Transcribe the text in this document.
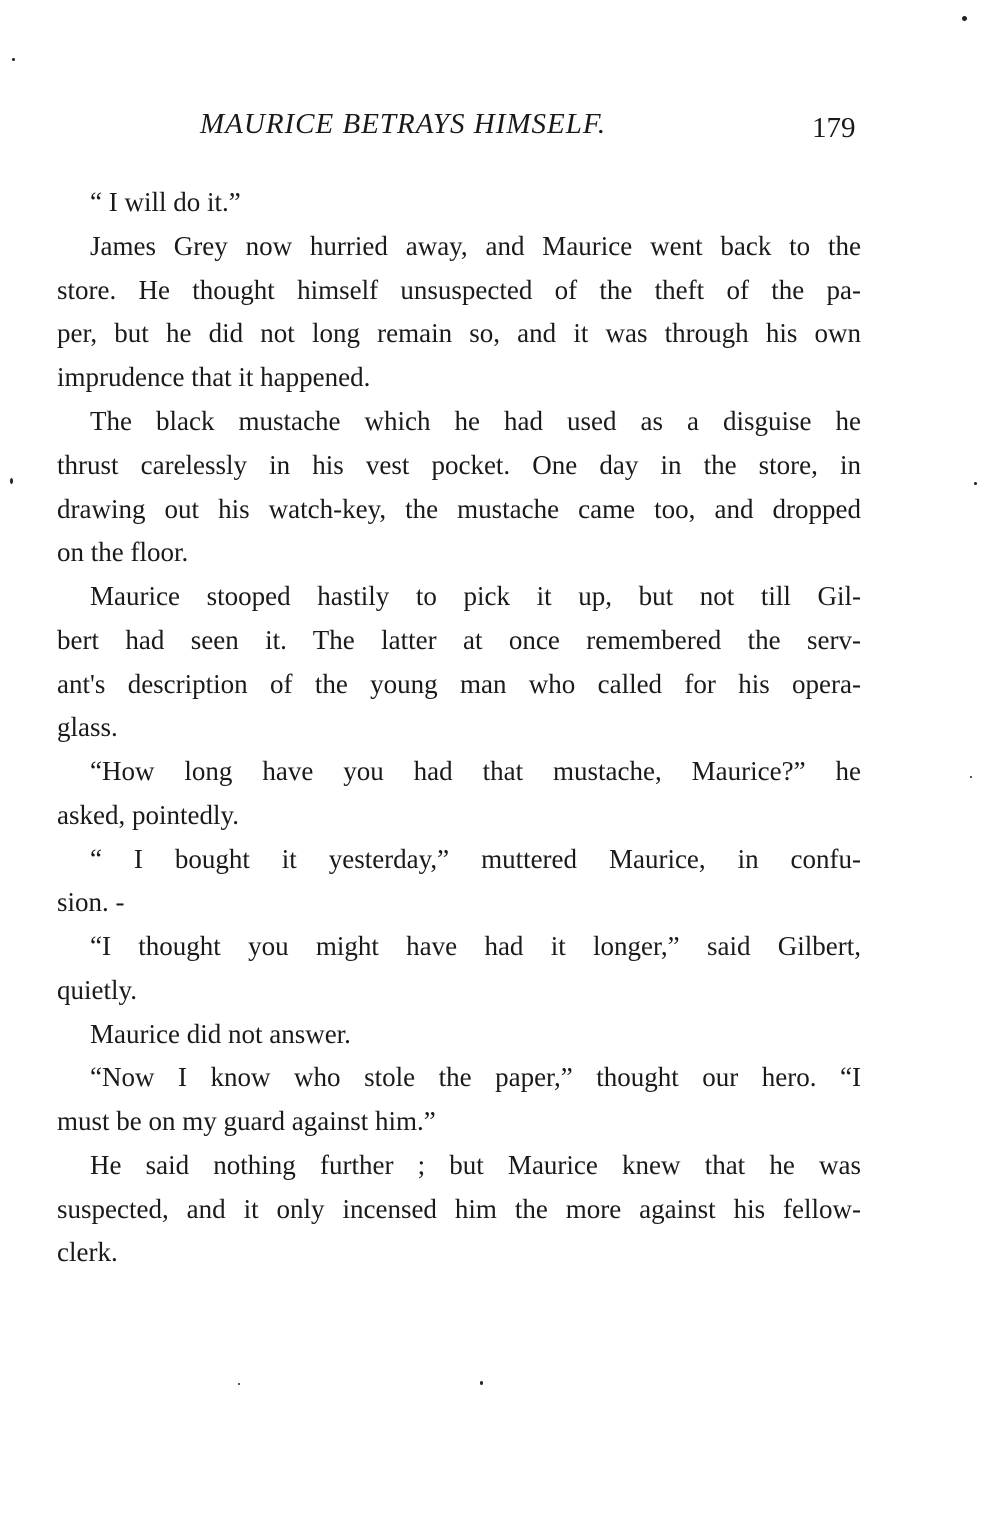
MAURICE BETRAYS HIMSELF.	179
“ I will do it.”
James Grey now hurried away, and Maurice went back to the
store. He thought himself unsuspected of the theft of the pa-
per, but he did not long remain so, and it was through his own
imprudence that it happened.
The black mustache which he had used as a disguise he
thrust carelessly in his vest pocket. One day in the store, in
drawing out his watch-key, the mustache came too, and dropped
on the floor.
Maurice stooped hastily to pick it up, but not till Gil-
bert had seen it. The latter at once remembered the serv-
ant's description of the young man who called for his opera-
glass.
“How long have you had that mustache, Maurice?” he
asked, pointedly.
“ I bought it yesterday,” muttered Maurice, in confu-
sion. -
“I thought you might have had it longer,” said Gilbert,
quietly.
Maurice did not answer.
“Now I know who stole the paper,” thought our hero. “I
must be on my guard against him.”
He said nothing further ; but Maurice knew that he was
suspected, and it only incensed him the more against his fellow-
clerk.
